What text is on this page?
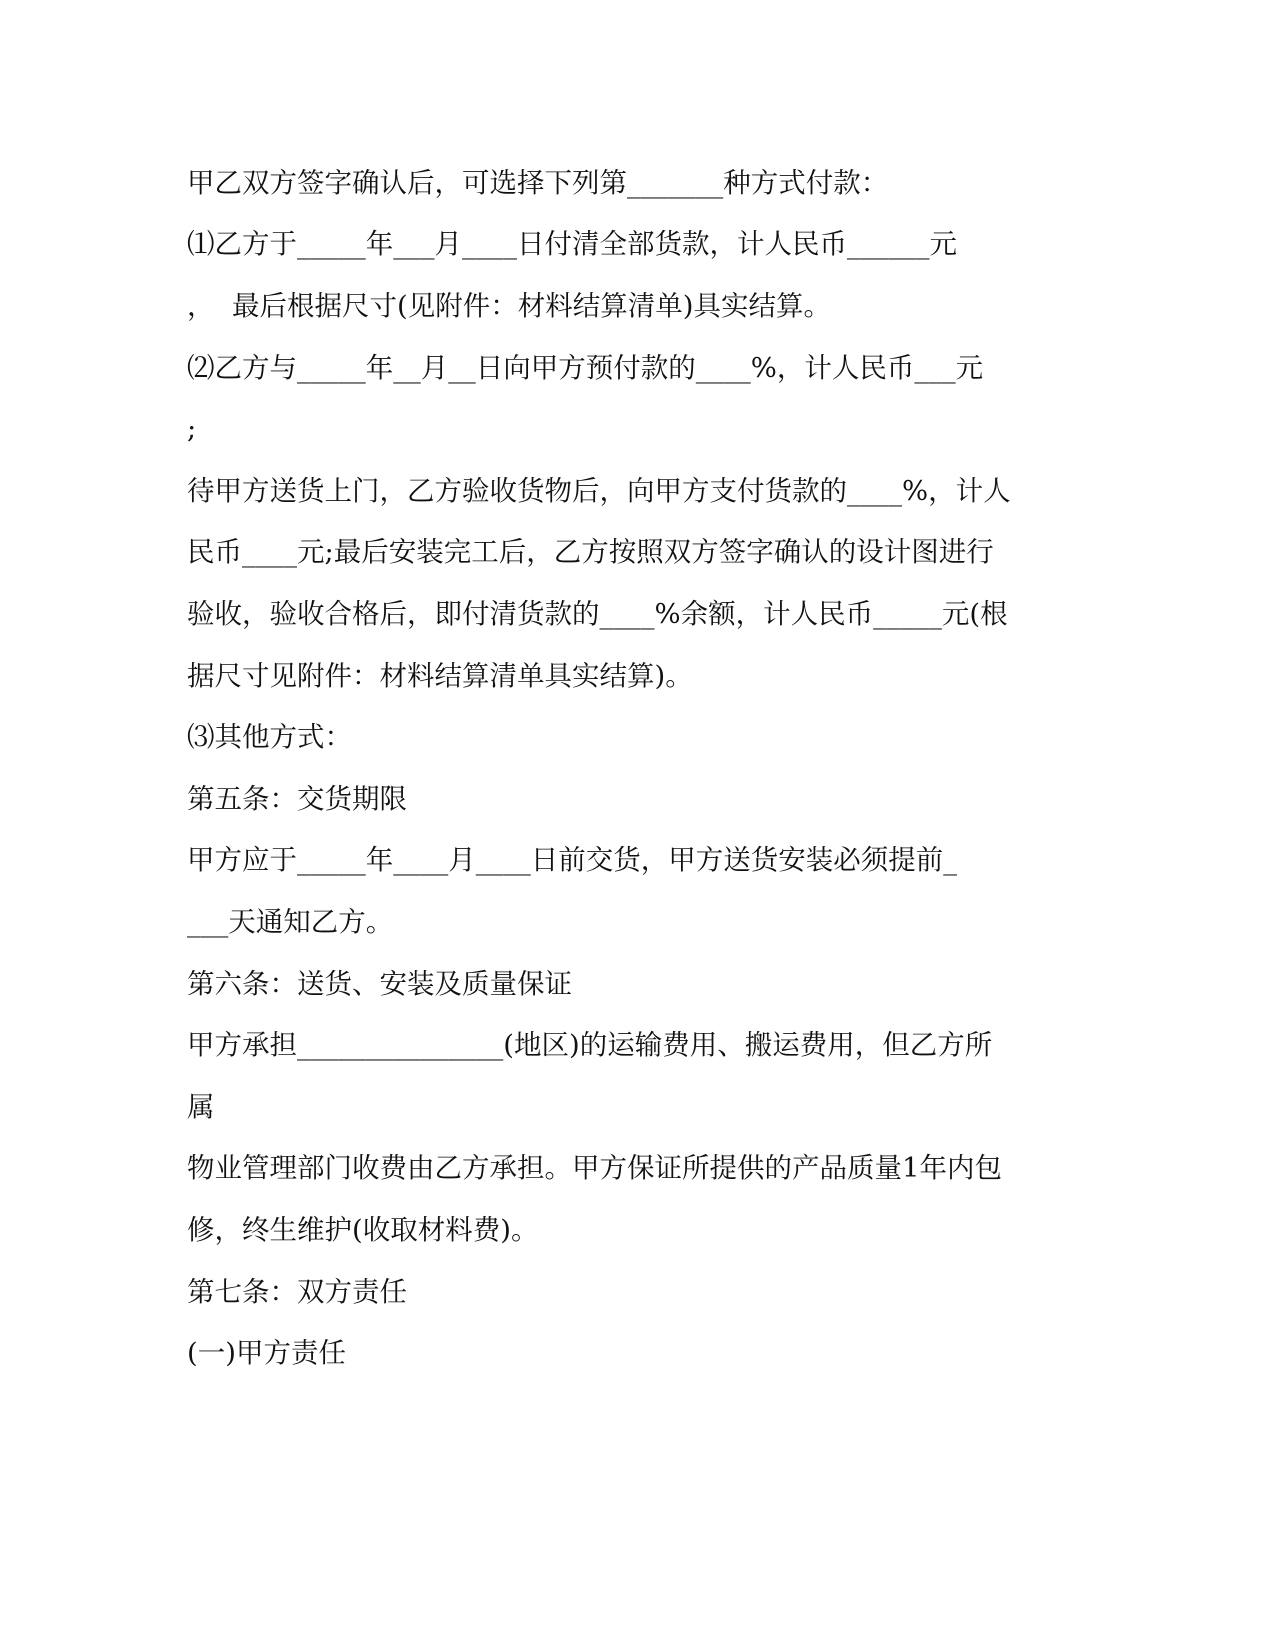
甲乙双方签字确认后，可选择下列第_______种方式付款：

⑴乙方于_____年___月____日付清全部货款，计人民币______元

，  最后根据尺寸(见附件：材料结算清单)具实结算。

⑵乙方与_____年__月__日向甲方预付款的____%，计人民币___元

;

待甲方送货上门，乙方验收货物后，向甲方支付货款的____%，计人

民币____元;最后安装完工后，乙方按照双方签字确认的设计图进行

验收，验收合格后，即付清货款的____%余额，计人民币_____元(根

据尺寸见附件：材料结算清单具实结算)。

⑶其他方式：

第五条：交货期限

甲方应于_____年____月____日前交货，甲方送货安装必须提前_

___天通知乙方。

第六条：送货、安装及质量保证

甲方承担_______________(地区)的运输费用、搬运费用，但乙方所

属

物业管理部门收费由乙方承担。甲方保证所提供的产品质量1年内包

修，终生维护(收取材料费)。

第七条：双方责任

(一)甲方责任
